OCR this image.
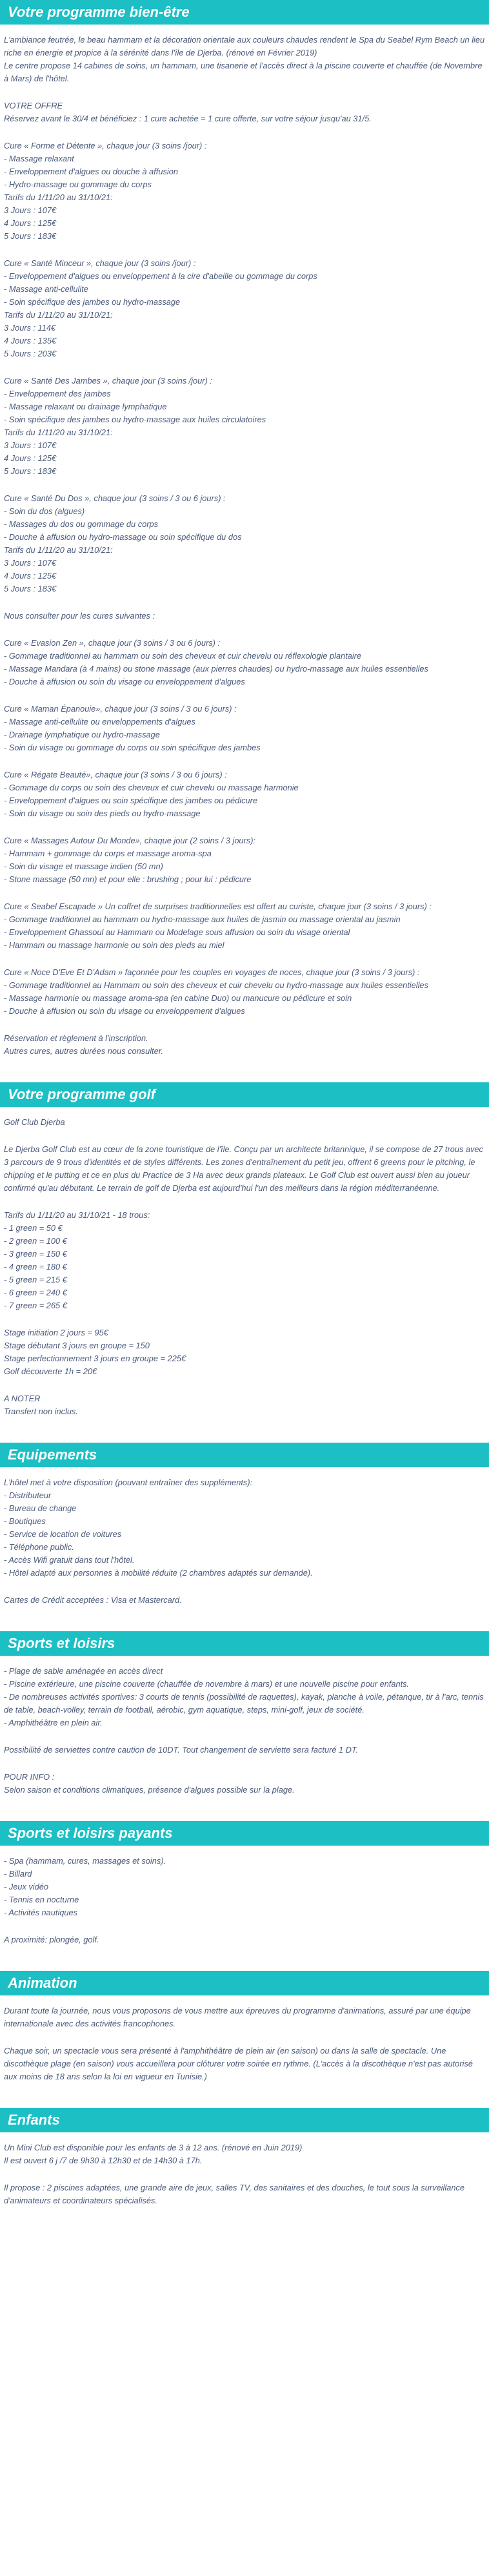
Votre programme bien-être

L'ambiance feutrée, le beau hammam et la décoration orientale aux couleurs chaudes rendent le Spa du Seabel Rym Beach un lieu riche en énergie et propice à la sérénité dans l'île de Djerba. (rénové en Février 2019)
Le centre propose 14 cabines de soins, un hammam, une tisanerie et l'accès direct à la piscine couverte et chauffée (de Novembre à Mars) de l'hôtel.

VOTRE OFFRE
Réservez avant le 30/4 et bénéficiez : 1 cure achetée = 1 cure offerte, sur votre séjour jusqu'au 31/5.

Cure « Forme et Détente », chaque jour (3 soins /jour) :
- Massage relaxant
- Enveloppement d'algues ou douche à affusion
- Hydro-massage ou gommage du corps
Tarifs du 1/11/20 au 31/10/21:
3 Jours : 107€
4 Jours : 125€
5 Jours : 183€

Cure « Santé Minceur », chaque jour (3 soins /jour) :
- Enveloppement d'algues ou enveloppement à la cire d'abeille ou gommage du corps
- Massage anti-cellulite
- Soin spécifique des jambes ou hydro-massage
Tarifs du 1/11/20 au 31/10/21:
3 Jours : 114€
4 Jours : 135€
5 Jours : 203€

Cure « Santé Des Jambes », chaque jour (3 soins /jour) :
- Enveloppement des jambes
- Massage relaxant ou drainage lymphatique
- Soin spécifique des jambes ou hydro-massage aux huiles circulatoires
Tarifs du 1/11/20 au 31/10/21:
3 Jours : 107€
4 Jours : 125€
5 Jours : 183€

Cure « Santé Du Dos », chaque jour (3 soins / 3 ou 6 jours) :
- Soin du dos (algues)
- Massages du dos ou gommage du corps
- Douche à affusion ou hydro-massage ou soin spécifique du dos
Tarifs du 1/11/20 au 31/10/21:
3 Jours : 107€
4 Jours : 125€
5 Jours : 183€

Nous consulter pour les cures suivantes :

Cure « Evasion Zen », chaque jour (3 soins / 3 ou 6 jours) :
- Gommage traditionnel au hammam ou soin des cheveux et cuir chevelu ou réflexologie plantaire
- Massage Mandara (à 4 mains) ou stone massage (aux pierres chaudes) ou hydro-massage aux huiles essentielles
- Douche à affusion ou soin du visage ou enveloppement d'algues

Cure « Maman Épanouie», chaque jour (3 soins / 3 ou 6 jours) :
- Massage anti-cellulite ou enveloppements d'algues
- Drainage lymphatique ou hydro-massage
- Soin du visage ou gommage du corps ou soin spécifique des jambes

Cure « Régate Beauté», chaque jour (3 soins / 3 ou 6 jours) :
- Gommage du corps ou soin des cheveux et cuir chevelu ou massage harmonie
- Enveloppement d'algues ou soin spécifique des jambes ou pédicure
- Soin du visage ou soin des pieds ou hydro-massage

Cure « Massages Autour Du Monde», chaque jour (2 soins / 3 jours):
- Hammam + gommage du corps et massage aroma-spa
- Soin du visage et massage indien (50 mn)
- Stone massage (50 mn) et pour elle : brushing ; pour lui : pédicure

Cure « Seabel Escapade » Un coffret de surprises traditionnelles est offert au curiste, chaque jour (3 soins / 3 jours) :
- Gommage traditionnel au hammam ou hydro-massage aux huiles de jasmin ou massage oriental au jasmin
- Enveloppement Ghassoul au Hammam ou Modelage sous affusion ou soin du visage oriental
- Hammam ou massage harmonie ou soin des pieds au miel

Cure « Noce D'Eve Et D'Adam » façonnée pour les couples en voyages de noces, chaque jour (3 soins / 3 jours) :
- Gommage traditionnel au Hammam ou soin des cheveux et cuir chevelu ou hydro-massage aux huiles essentielles
- Massage harmonie ou massage aroma-spa (en cabine Duo) ou manucure ou pédicure et soin
- Douche à affusion ou soin du visage ou enveloppement d'algues

Réservation et règlement à l'inscription.
Autres cures, autres durées nous consulter.

Votre programme golf

Golf Club Djerba

Le Djerba Golf Club est au cœur de la zone touristique de l'île. Conçu par un architecte britannique, il se compose de 27 trous avec 3 parcours de 9 trous d'identités et de styles différents. Les zones d'entraînement du petit jeu, offrent 6 greens pour le pitching, le chipping et le putting et ce en plus du Practice de 3 Ha avec deux grands plateaux. Le Golf Club est ouvert aussi bien au joueur confirmé qu'au débutant. Le terrain de golf de Djerba est aujourd'hui l'un des meilleurs dans la région méditerranéenne.

Tarifs du 1/11/20 au 31/10/21 - 18 trous:
- 1 green = 50 €
- 2 green = 100 €
- 3 green = 150 €
- 4 green = 180 €
- 5 green = 215 €
- 6 green = 240 €
- 7 green = 265 €

Stage initiation 2 jours = 95€
Stage débutant 3 jours en groupe = 150
Stage perfectionnement 3 jours en groupe = 225€
Golf découverte 1h = 20€

A NOTER
Transfert non inclus.

Equipements

L'hôtel met à votre disposition (pouvant entraîner des suppléments):
- Distributeur
- Bureau de change
- Boutiques
- Service de location de voitures
- Téléphone public.
- Accès Wifi gratuit dans tout l'hôtel.
- Hôtel adapté aux personnes à mobilité réduite (2 chambres adaptés sur demande).

Cartes de Crédit acceptées : Visa et Mastercard.

Sports et loisirs

- Plage de sable aménagée en accès direct
- Piscine extérieure, une piscine couverte (chauffée de novembre à mars) et une nouvelle piscine pour enfants.
- De nombreuses activités sportives: 3 courts de tennis (possibilité de raquettes), kayak, planche à voile, pétanque, tir à l'arc, tennis de table, beach-volley, terrain de football, aérobic, gym aquatique, steps, mini-golf, jeux de société.
- Amphithéâtre en plein air.

Possibilité de serviettes contre caution de 10DT. Tout changement de serviette sera facturé 1 DT.

POUR INFO :
Selon saison et conditions climatiques, présence d'algues possible sur la plage.

Sports et loisirs payants

- Spa (hammam, cures, massages et soins).
- Billard
- Jeux vidéo
- Tennis en nocturne
- Activités nautiques

A proximité: plongée, golf.

Animation

Durant toute la journée, nous vous proposons de vous mettre aux épreuves du programme d'animations, assuré par une équipe internationale avec des activités francophones.

Chaque soir, un spectacle vous sera présenté à l'amphithéâtre de plein air (en saison) ou dans la salle de spectacle. Une discothèque plage (en saison) vous accueillera pour clôturer votre soirée en rythme. (L'accès à la discothèque n'est pas autorisé aux moins de 18 ans selon la loi en vigueur en Tunisie.)

Enfants

Un Mini Club est disponible pour les enfants de 3 à 12 ans. (rénové en Juin 2019)
Il est ouvert 6 j /7 de 9h30 à 12h30 et de 14h30 à 17h.

Il propose : 2 piscines adaptées, une grande aire de jeux, salles TV, des sanitaires et des douches, le tout sous la surveillance d'animateurs et coordinateurs spécialisés.
